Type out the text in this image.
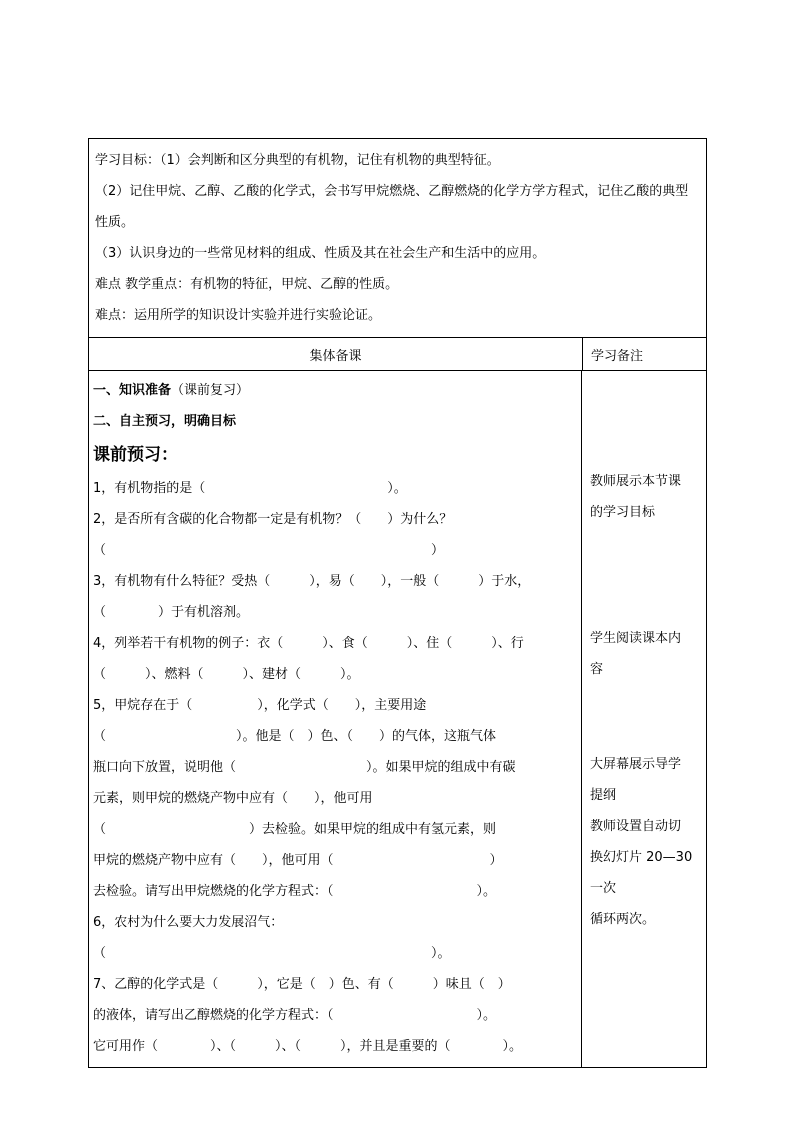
学习目标：（1）会判断和区分典型的有机物，记住有机物的典型特征。
（2）记住甲烷、乙醇、乙酸的化学式，会书写甲烷燃烧、乙醇燃烧的化学方学方程式，记住乙酸的典型性质。
（3）认识身边的一些常见材料的组成、性质及其在社会生产和生活中的应用。
难点 教学重点：有机物的特征，甲烷、乙醇的性质。
难点：运用所学的知识设计实验并进行实验论证。
集体备课	学习备注
一、知识准备（课前复习）
二、自主预习，明确目标
课前预习：
1，有机物指的是（　　　　　　　　　　　　　　）。
2，是否所有含碳的化合物都一定是有机物？（　　）为什么？
（　　　　　　　　　　　　　　　　　　　　　　　　　）
3，有机物有什么特征？受热（　　　），易（　　），一般（　　　）于水，
（　　　　）于有机溶剂。
4，列举若干有机物的例子：衣（　　　）、食（　　　）、住（　　　）、行
（　　　）、燃料（　　　）、建材（　　　）。
5，甲烷存在于（　　　　　），化学式（　　），主要用途
（　　　　　　　　　　）。他是（　）色、（　　）的气体，这瓶气体
瓶口向下放置，说明他（　　　　　　　　　　）。如果甲烷的组成中有碳
元素，则甲烷的燃烧产物中应有（　　），他可用
（　　　　　　　　　　　）去检验。如果甲烷的组成中有氢元素，则
甲烷的燃烧产物中应有（　　），他可用（　　　　　　　　　　　　）
去检验。请写出甲烷燃烧的化学方程式：（　　　　　　　　　　　）。
6，农村为什么要大力发展沼气：
（　　　　　　　　　　　　　　　　　　　　　　　　　）。
7、乙醇的化学式是（　　　），它是（　）色、有（　　　）味且（　）
的液体，请写出乙醇燃烧的化学方程式：（　　　　　　　　　　　）。
它可用作（　　　　）、（　　　）、（　　　），并且是重要的（　　　　）。
教师展示本节课
的学习目标
学生阅读课本内
容
大屏幕展示导学
提纲
教师设置自动切
换幻灯片 20—30
一次
循环两次。
